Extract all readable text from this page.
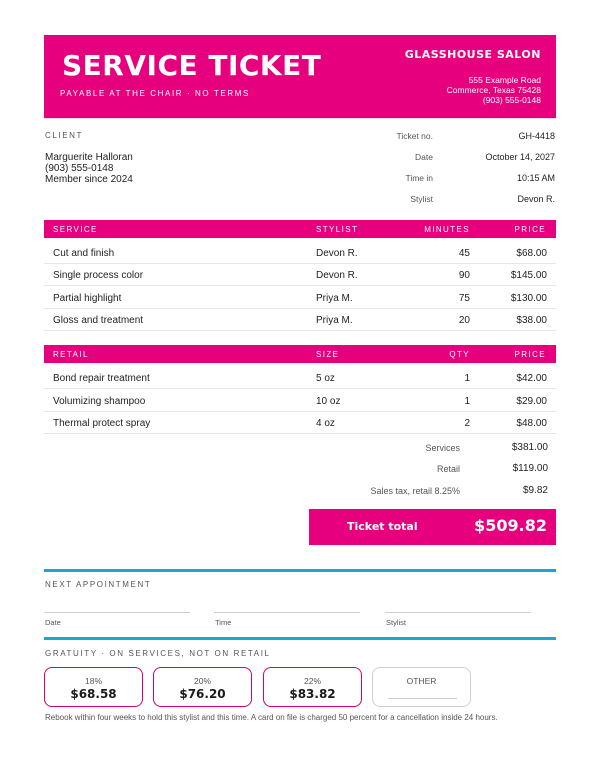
SERVICE TICKET
PAYABLE AT THE CHAIR · NO TERMS
GLASSHOUSE SALON
555 Example Road
Commerce, Texas 75428
(903) 555-0148
CLIENT
Marguerite Halloran
(903) 555-0148
Member since 2024
Ticket no.	GH-4418
Date	October 14, 2027
Time in	10:15 AM
Stylist	Devon R.
SERVICE	STYLIST	MINUTES	PRICE
Cut and finish	Devon R.	45	$68.00
Single process color	Devon R.	90	$145.00
Partial highlight	Priya M.	75	$130.00
Gloss and treatment	Priya M.	20	$38.00
RETAIL	SIZE	QTY	PRICE
Bond repair treatment	5 oz	1	$42.00
Volumizing shampoo	10 oz	1	$29.00
Thermal protect spray	4 oz	2	$48.00
Services	$381.00
Retail	$119.00
Sales tax, retail 8.25%	$9.82
Ticket total	$509.82
NEXT APPOINTMENT
Date	Time	Stylist
GRATUITY · ON SERVICES, NOT ON RETAIL
18%
$68.58
20%
$76.20
22%
$83.82
OTHER
Rebook within four weeks to hold this stylist and this time. A card on file is charged 50 percent for a cancellation inside 24 hours.
